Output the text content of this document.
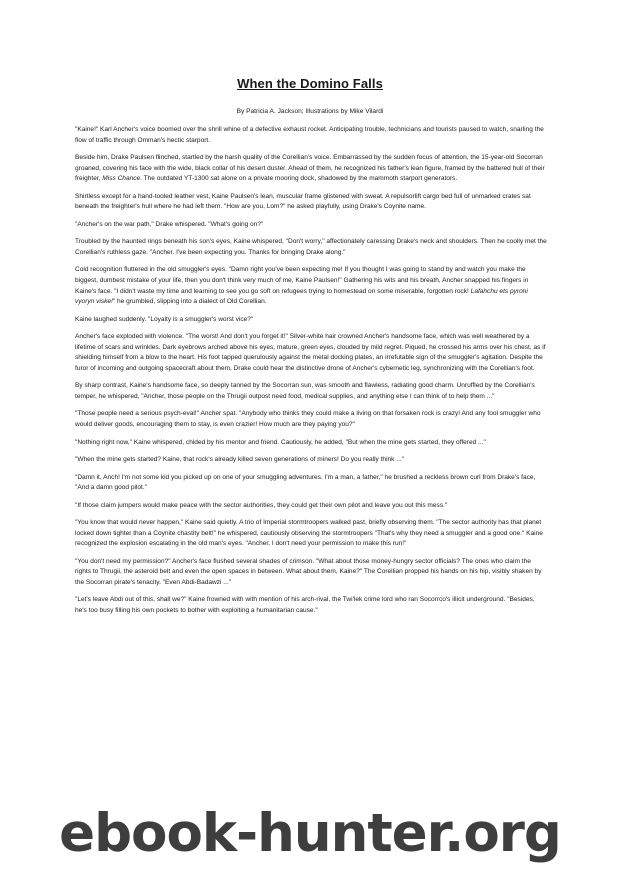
When the Domino Falls

By Patricia A. Jackson; Illustrations by Mike Vilardi

"Kaine!" Karl Ancher's voice boomed over the shrill whine of a defective exhaust rocket. Anticipating trouble, technicians and tourists paused to watch, snarling the flow of traffic through Omman's hectic starport.

Beside him, Drake Paulsen flinched, startled by the harsh quality of the Corellian's voice. Embarrassed by the sudden focus of attention, the 15-year-old Socorran groaned, covering his face with the wide, black collar of his desert duster. Ahead of them, he recognized his father's lean figure, framed by the battered hull of their freighter, Miss Chance. The outdated YT-1300 sat alone on a private mooring dock, shadowed by the mammoth starport generators.

Shirtless except for a hand-tooled leather vest, Kaine Paulsen's lean, muscular frame glistened with sweat. A repulsorlift cargo bed full of unmarked crates sat beneath the freighter's hull where he had left them. "How are you, Lom?" he asked playfully, using Drake's Coynite name.

"Ancher's on the war path," Drake whispered. "What's going on?"

Troubled by the haunted rings beneath his son's eyes, Kaine whispered, "Don't worry," affectionately caressing Drake's neck and shoulders. Then he coolly met the Corellian's ruthless gaze. "Ancher. I've been expecting you. Thanks for bringing Drake along."

Cold recognition fluttered in the old smuggler's eyes. "Damn right you've been expecting me! If you thought I was going to stand by and watch you make the biggest, dumbest mistake of your life, then you don't think very much of me, Kaine Paulsen!" Gathering his wits and his breath, Ancher snapped his fingers in Kaine's face. "I didn't waste my time and learning to see you go soft on refugees trying to homestead on some miserable, forgotten rock! Lafahchu ets pyroni vyoryn viske!" he grumbled, slipping into a dialect of Old Corellian.

Kaine laughed suddenly. "Loyalty is a smuggler's worst vice?"

Ancher's face exploded with violence. "The worst! And don't you forget it!" Silver-white hair crowned Ancher's handsome face, which was well weathered by a lifetime of scars and wrinkles. Dark eyebrows arched above his eyes, mature, green eyes, clouded by mild regret. Piqued, he crossed his arms over his chest, as if shielding himself from a blow to the heart. His foot tapped querulously against the metal docking plates, an irrefutable sign of the smuggler's agitation. Despite the furor of incoming and outgoing spacecraft about them, Drake could hear the distinctive drone of Ancher's cybernetic leg, synchronizing with the Corellian's foot.

By sharp contrast, Kaine's handsome face, so deeply tanned by the Socorran sun, was smooth and flawless, radiating good charm. Unruffled by the Corellian's temper, he whispered, "Ancher, those people on the Thrugii outpost need food, medical supplies, and anything else I can think of to help them ..."

"Those people need a serious psych-eval!" Ancher spat. "Anybody who thinks they could make a living on that forsaken rock is crazy! And any fool smuggler who would deliver goods, encouraging them to stay, is even crazier! How much are they paying you?"

"Nothing right now," Kaine whispered, chided by his mentor and friend. Cautiously, he added, "But when the mine gets started, they offered ..."

"When the mine gets started? Kaine, that rock's already killed seven generations of miners! Do you really think ..."

"Damn it, Anch! I'm not some kid you picked up on one of your smuggling adventures. I'm a man, a father," he brushed a reckless brown curl from Drake's face, "And a damn good pilot."

"If those claim jumpers would make peace with the sector authorities, they could get their own pilot and leave you out this mess."

"You know that would never happen," Kaine said quietly. A trio of Imperial stormtroopers walked past, briefly observing them. "The sector authority has that planet locked down tighter than a Coynite chastity belt!" he whispered, cautiously observing the stormtroopers "That's why they need a smuggler and a good one." Kaine recognized the explosion escalating in the old man's eyes. "Ancher, I don't need your permission to make this run!"

"You don't need my permission?" Ancher's face flushed several shades of crimson. "What about those money-hungry sector officials? The ones who claim the rights to Thrugii, the asteroid belt and even the open spaces in between. What about them, Kaine?" The Corellian propped his hands on his hip, visibly shaken by the Socorran pirate's tenacity. "Even Abdi-Badawzi ..."

"Let's leave Abdi out of this, shall we?" Kaine frowned with with mention of his arch-rival, the Twi'lek crime lord who ran Socorrco's illicit underground. "Besides, he's too busy filling his own pockets to bother with exploiting a humanitarian cause."

ebook-hunter.org
